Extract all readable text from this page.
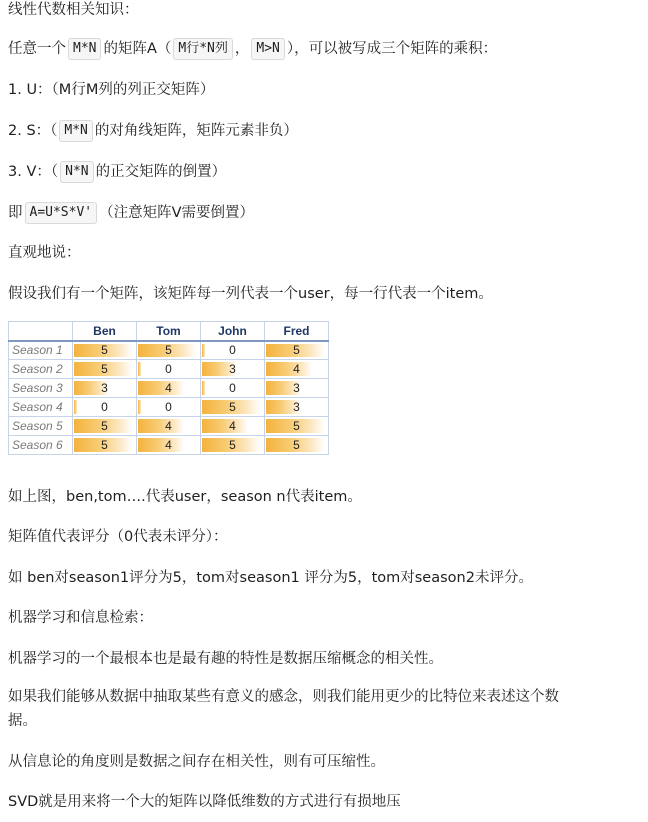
线性代数相关知识：
任意一个 M*N 的矩阵A（ M行*N列 ， M>N ），可以被写成三个矩阵的乘积：
1. U：（M行M列的列正交矩阵）
2. S：（ M*N 的对角线矩阵，矩阵元素非负）
3. V：（ N*N 的正交矩阵的倒置）
即 A=U*S*V' （注意矩阵V需要倒置）
直观地说：
假设我们有一个矩阵，该矩阵每一列代表一个user，每一行代表一个item。
	Ben	Tom	John	Fred
Season 1	5	5	0	5
Season 2	5	0	3	4
Season 3	3	4	0	3
Season 4	0	0	5	3
Season 5	5	4	4	5
Season 6	5	4	5	5
如上图，ben,tom….代表user，season n代表item。
矩阵值代表评分（0代表未评分）：
如 ben对season1评分为5，tom对season1 评分为5，tom对season2未评分。
机器学习和信息检索：
机器学习的一个最根本也是最有趣的特性是数据压缩概念的相关性。
如果我们能够从数据中抽取某些有意义的感念，则我们能用更少的比特位来表述这个数
据。
从信息论的角度则是数据之间存在相关性，则有可压缩性。
SVD就是用来将一个大的矩阵以降低维数的方式进行有损地压
